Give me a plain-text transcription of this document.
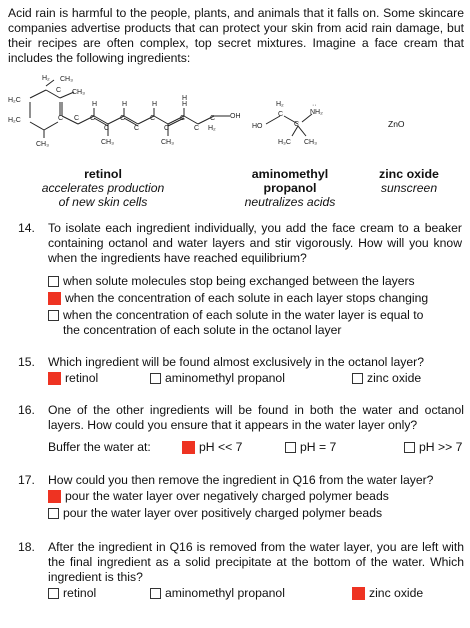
Acid rain is harmful to the people, plants, and animals that it falls on. Some skincare companies advertise products that can protect your skin from acid rain damage, but their recipes are often complex, top secret mixtures. Imagine a face cream that includes the following ingredients:
H₂ CH₃
H₂C
C CH₃
H₂C	C C
H	H
C
H
C
H
H
OH
C
C	C	C
C
C
C
H₂
CH₃	CH₃	CH₃
H₂
C	NH₂
HO	C
H₃C CH₃
··
ZnO
retinol
accelerates production
of new skin cells
aminomethyl
propanol
neutralizes acids
zinc oxide
sunscreen
14. To isolate each ingredient individually, you add the face cream to a beaker containing octanol and water layers and stir vigorously. How will you know when the ingredients have reached equilibrium?
when solute molecules stop being exchanged between the layers
when the concentration of each solute in each layer stops changing
when the concentration of each solute in the water layer is equal to
the concentration of each solute in the octanol layer
15. Which ingredient will be found almost exclusively in the octanol layer?
retinol	aminomethyl propanol	zinc oxide
16. One of the other ingredients will be found in both the water and octanol layers. How could you ensure that it appears in the water layer only?
Buffer the water at:	pH << 7	pH = 7	pH >> 7
17. How could you then remove the ingredient in Q16 from the water layer?
pour the water layer over negatively charged polymer beads
pour the water layer over positively charged polymer beads
18. After the ingredient in Q16 is removed from the water layer, you are left with the final ingredient as a solid precipitate at the bottom of the water. Which ingredient is this?
retinol	aminomethyl propanol	zinc oxide
